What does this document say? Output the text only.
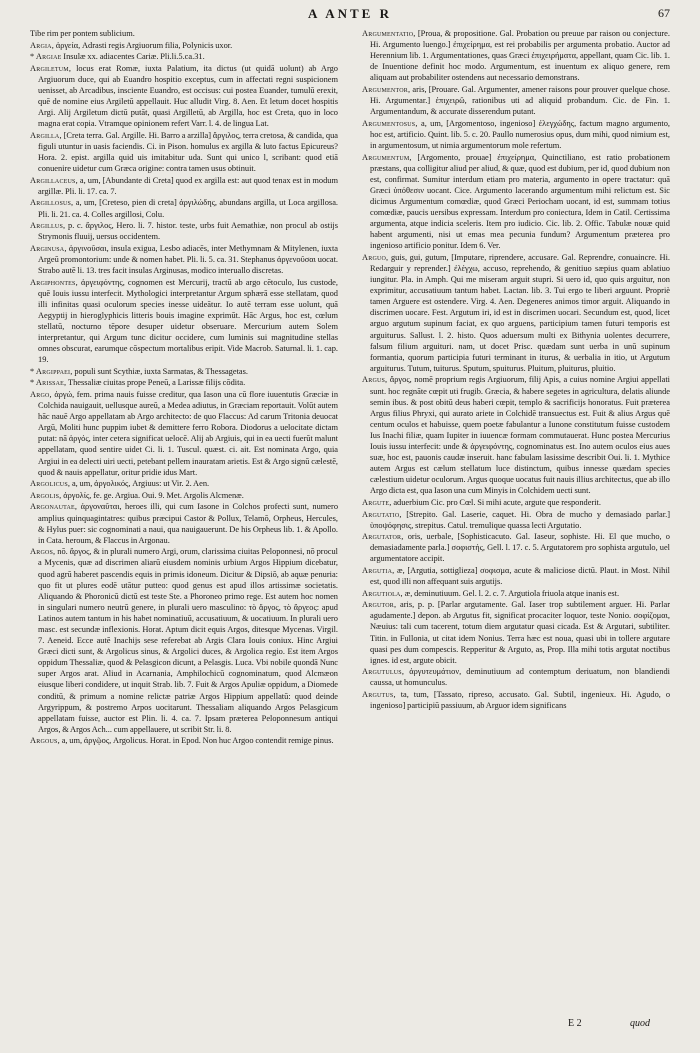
A ANTE R	67

Tibe rim per pontem sublicium.

Argia, ἀργεία, Adrasti regis Argiuorum filia, Polynicis uxor.

* Argiae Insulæ xx. adiacentes Cariæ. Pli.li.5.ca.31.

Argiletum, locus erat Romæ, iuxta Palatium, ita dictus (ut quidā uolunt) ab Argo Argiuorum duce, qui ab Euandro hospitio exceptus, cum in affectati regni suspicionem uenisset, ab Arcadibus, insciente Euandro, est occisus: cui postea Euander, tumulū erexit, quē de nomine eius Argiletū appellauit. Huc alludit Virg. 8. Aen. Et letum docet hospitis Argi. Alij Argiletum dictū putāt, quasi Argilletū, ab Argilla, hoc est Creta, quo in loco magna erat copia. Vtramque opinionem refert Varr. l. 4. de lingua Lat.

Argilla, [Creta terra. Gal. Argille. Hi. Barro a arzilla] ἄργιλος, terra cretosa, & candida, qua figuli utuntur in uasis faciendis. Ci. in Pison. homulus ex argilla & luto factus Epicureus? Hora. 2. epist. argilla quid uis imitabitur uda. Sunt qui unico l, scribant: quod etiā conuenire uidetur cum Græca origine: contra tamen usus obtinuit.

Argillaceus, a, um, [Abundante di Creta] quod ex argilla est: aut quod tenax est in modum argillæ. Pli. li. 17. ca. 7.

Argillosus, a, um, [Creteso, pien di creta] ἀργιλώδης, abundans argilla, ut Loca argillosa. Pli. li. 21. ca. 4. Colles argillosi, Colu.

Argillus, p. c. ἄργιλος, Hero. li. 7. histor. teste, urbs fuit Aemathiæ, non procul ab ostijs Strymonis fluuij, uersus occidentem.

Arginusa, ἀργινοῦσαι, insula exigua, Lesbo adiacēs, inter Methymnam & Mitylenen, iuxta Argeū promontorium: unde & nomen habet. Pli. li. 5. ca. 31. Stephanus ἀργενοῦσαι uocat. Strabo autē li. 13. tres facit insulas Arginusas, modico interuallo discretas.

Argiphontes, ἀργειφόντης, cognomen est Mercurij, tractū ab argo cētoculo, Ius custode, quē Iouis iussu interfecit. Mythologici interpretantur Argum sphærā esse stellatam, quod illi infinitas quasi oculorum species inesse uideātur. Io autē terram esse uolunt, quā Aegyptij in hieroglyphicis litteris bouis imagine exprimūt. Hāc Argus, hoc est, cœlum stellatū, nocturno tēpore desuper uidetur obseruare. Mercurium autem Solem interpretantur, qui Argum tunc dicitur occidere, cum luminis sui magnitudine stellas omnes obscurat, earumque cōspectum mortalibus eripit. Vide Macrob. Saturnal. li. 1. cap. 19.

* Argippaei, populi sunt Scythiæ, iuxta Sarmatas, & Thessagetas.

* Arissae, Thessaliæ ciuitas prope Peneū, a Larissæ filijs cōdita.

Argo, ἀργώ, fem. prima nauis fuisse creditur, qua Iason una cū flore iuuentutis Græciæ in Colchida nauigauit, uellusque aureū, a Medea adiutus, in Græciam reportauit. Volūt autem hāc nauē Argo appellatam ab Argo architecto: de quo Flaccus: Ad carum Tritonia deuocat Argū, Moliti hunc puppim iubet & demittere ferro Robora. Diodorus a uelocitate dictam putat: nā ἀργός, inter cetera significat uelocē. Alij ab Argiuis, qui in ea uecti fuerūt malunt appellatam, quod sentire uidet Ci. li. 1. Tuscul. quæst. ci. ait. Est nominata Argo, quia Argiui in ea delecti uiri uecti, petebant pellem inauratam arietis. Est & Argo signū cælestē, quod & nauis appellatur, oritur pridie idus Mart.

Argolicus, a, um, ἀργολικός, Argiuus: ut Vir. 2. Aen.

Argolis, ἀργολίς, fe. ge. Argiua. Oui. 9. Met. Argolis Alcmenæ.

Argonautae, ἀργοναῦται, heroes illi, qui cum Iasone in Colchos profecti sunt, numero amplius quinquagintatres: quibus præcipui Castor & Pollux, Telamō, Orpheus, Hercules, & Hylus puer: sic cognominati a naui, qua nauigauerunt. De his Orpheus lib. 1. & Apollo. in Cata. heroum, & Flaccus in Argonau.

Argos, nō. ἄργος, & in plurali numero Argi, orum, clarissima ciuitas Peloponnesi, nō procul a Mycenis, quæ ad discrimen aliarū eiusdem nominis urbium Argos Hippium dicebatur, quod agrū haberet pascendis equis in primis idoneum. Dicitur & Dipsiō, ab aquæ penuria: quo fit ut plures eodē utātur putteo: quod genus est apud illos artissimæ societatis. Aliquando & Phoronicū dictū est teste Ste. a Phoroneo primo rege. Est autem hoc nomen in singulari numero neutrū genere, in plurali uero masculino: τὸ ἄργος, τὸ ἄργεος: apud Latinos autem tantum in his habet nominatiuū, accusatiuum, & uocatiuum. In plurali uero masc. est secundæ inflexionis. Horat. Aptum dicit equis Argos, ditesque Mycenas. Virgil. 7. Aeneid. Ecce autē Inachijs sese referebat ab Argis Clara Iouis coniux. Hinc Argiui Græci dicti sunt, & Argolicus sinus, & Argolici duces, & Argolica regio. Est item Argos oppidum Thessaliæ, quod & Pelasgicon dicunt, a Pelasgis. Luca. Vbi nobile quondā Nunc super Argos arat. Aliud in Acarnania, Amphilochicū cognominatum, quod Alcmæon eiusque liberi condidere, ut inquit Strab. lib. 7. Fuit & Argos Apuliæ oppidum, a Diomede conditū, & primum a nomine relictæ patriæ Argos Hippium appellatū: quod deinde Argyrippum, & postremo Arpos uocitarunt. Thessaliam aliquando Argos Pelasgicum appellatam fuisse, auctor est Plin. li. 4. ca. 7. Ipsam præterea Peloponnesum antiqui Argos, & Argos Ach... cum appellauere, ut scribit Str. li. 8.

Argous, a, um, ἀργῷος, Argolicus. Horat. in Epod. Non huc Argoo contendit remige pinus.

Argumentatio, [Proua, & propositione. Gal. Probation ou preuue par raison ou conjecture. Hi. Argumento luengo.] ἐπιχείρημα, est rei probabilis per argumenta probatio. Auctor ad Herennium lib. 1. Argumentationes, quas Græci ἐπιχειρήματα, appellant, quam Cic. lib. 1. de Inuentione definit hoc modo. Argumentum, est inuentum ex aliquo genere, rem aliquam aut probabiliter ostendens aut necessario demonstrans.

Argumentor, aris, [Prouare. Gal. Argumenter, amener raisons pour prouver quelque chose. Hi. Argumentar.] ἐπιχειρῶ, rationibus uti ad aliquid probandum. Cic. de Fin. 1. Argumentandum, & accurate disserendum putant.

Argumentosus, a, um, [Argomentoso, ingenioso] ἐλεγχώδης, factum magno argumento, hoc est, artificio. Quint. lib. 5. c. 20. Paullo numerosius opus, dum mihi, quod nimium est, in argumentosum, ut nimia argumentorum mole refertum.

Argumentum, [Argomento, prouae] ἐπιχείρημα, Quinctiliano, est ratio probationem præstans, qua colligitur aliud per aliud, & quæ, quod est dubium, per id, quod dubium non est, confirmat. Sumitur interdum etiam pro materia, argumento in opere tractatur: quā Græci ὑπόθεσιν uocant. Cice. Argumento lacerando argumentum mihi relictum est. Sic dicimus Argumentum comœdiæ, quod Græci Periocham uocant, id est, summam totius comœdiæ, paucis uersibus expressam. Interdum pro coniectura, Idem in Catil. Certissima argumenta, atque indicia sceleris. Item pro iudicio. Cic. lib. 2. Offic. Tabulæ nouæ quid habent argumenti, nisi ut emas mea pecunia fundum? Argumentum præterea pro ingenioso artificio ponitur. Idem 6. Ver.

Arguo, guis, gui, gutum, [Imputare, riprendere, accusare. Gal. Reprendre, conuaincre. Hi. Redarguir y reprender.] ἐλέγχω, accuso, reprehendo, & genitiuo sæpius quam ablatiuo iungitur. Pla. in Amph. Qui me miseram arguit stupri. Si uero id, quo quis arguitur, non exprimitur, accusatiuum tantum habet. Lactan. lib. 3. Tui ergo te liberi arguunt. Propriè tamen Arguere est ostendere. Virg. 4. Aen. Degeneres animos timor arguit. Aliquando in discrimen uocare. Fest. Argutum iri, id est in discrimen uocari. Secundum est, quod, licet arguo argutum supinum faciat, ex quo arguens, participium tamen futuri temporis est arguiturus. Sallust. l. 2. histo. Quos aduersum multi ex Bithynia uolentes decurrere, falsum filium arguituri. nam, ut docet Prisc. quædam sunt uerba in unū supinum formantia, quorum participia futuri terminant in iturus, & uerbalia in itio, ut Argutum arguiturus. Tutum, tuiturus. Sputum, spuiturus. Pluitum, pluiturus, pluitio.

Argus, ἄργος, nomē proprium regis Argiuorum, filij Apis, a cuius nomine Argiui appellati sunt. hoc regnāte cœpit uti frugib. Græcia, & habere segetes in agricultura, delatis aliunde semin ibus. & post obitū deus haberi cœpit, templo & sacrificijs honoratus. Fuit præterea Argus filius Phryxi, qui aurato ariete in Colchidē transuectus est. Fuit & alius Argus quē centum oculos et habuisse, quem poetæ fabulantur a Iunone constitutum fuisse custodem Ius Inachi filiæ, quam Iupiter in iuuencæ formam commutauerat. Hunc postea Mercurius Iouis iussu interfecit: unde & ἀργειφόντης, cognominatus est. Ino autem oculos eius aues suæ, hoc est, pauonis caudæ inseruit. hanc fabulam lasissime describit Oui. li. 1. Mythice autem Argus est cælum stellatum luce distinctum, quibus innesse quædam species cælestium uidetur oculorum. Argus quoque uocatus fuit nauis illius architectus, que ab illo Argo dicta est, qua Iason una cum Minyis in Colchidem uecti sunt.

Argute, aduerbium Cic. pro Cœl. Si mihi acute, argute que responderit.

Argutatio, [Strepito. Gal. Laserie, caquet. Hi. Obra de mucho y demasiado parlar.] ὑποψόφησις, strepitus. Catul. tremulique quassa lecti Argutatio.

Argutator, oris, uerbale, [Sophisticacuto. Gal. Iaseur, sophiste. Hi. El que mucho, o demasiadamente parla.] σοφιστής, Gell. l. 17. c. 5. Argutatorem pro sophista argutulo, uel argumentatore accipit.

Argutia, æ, [Argutia, sottiglieza] σοφισμα, acute & maliciose dictū. Plaut. in Most. Nihil est, quod illi non affequant suis argutijs.

Argutiola, æ, deminutiuum. Gel. l. 2. c. 7. Argutiola friuola atque inanis est.

Argutor, aris, p. p. [Parlar argutamente. Gal. Iaser trop subtilement arguer. Hi. Parlar agudamente.] depon. ab Argutus fit, significat procaciter loquor, teste Nonio. σοφίζομαι, Næuius: tali cum tacerent, totum diem argutatur quasi cicada. Est & Argutari, subtiliter. Titin. in Fullonia, ut citat idem Nonius. Terra hæc est noua, quasi ubi in tollere argutare quasi pes dum compescis. Repperitur & Arguto, as, Prop. Illa mihi totis argutat noctibus ignes. id est, argute obicit.

Argutulus, ἀργυτευμάτιον, deminutiuum ad contemptum deriuatum, non blandiendi caussa, ut homunculus.

Argutus, ta, tum, [Tassato, ripreso, accusato. Gal. Subtil, ingenieux. Hi. Agudo, o ingenioso] participiū passiuum, ab Arguor idem significans

E 2	quod
